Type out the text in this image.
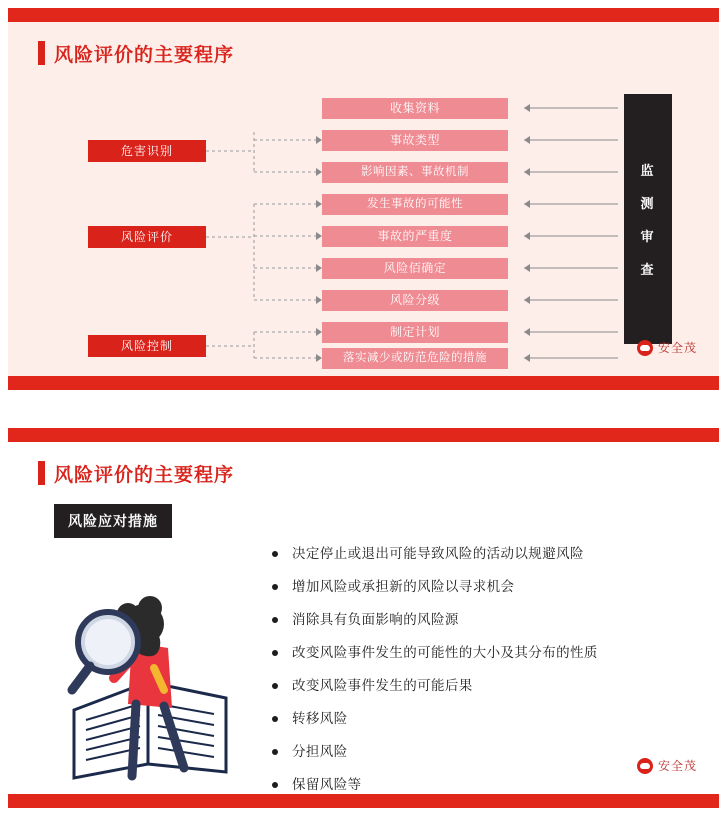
风险评价的主要程序
危害识别
风险评价
风险控制
收集资料
事故类型
影响因素、事故机制
发生事故的可能性
事故的严重度
风险佰确定
风险分级
制定计划
落实减少或防范危险的措施
监
测
审
查
基本定义：危害，危害识别；风险，风险评价
安全茂
风险评价的主要程序
风险应对措施
决定停止或退出可能导致风险的活动以规避风险
增加风险或承担新的风险以寻求机会
消除具有负面影响的风险源
改变风险事件发生的可能性的大小及其分布的性质
改变风险事件发生的可能后果
转移风险
分担风险
保留风险等
安全茂
